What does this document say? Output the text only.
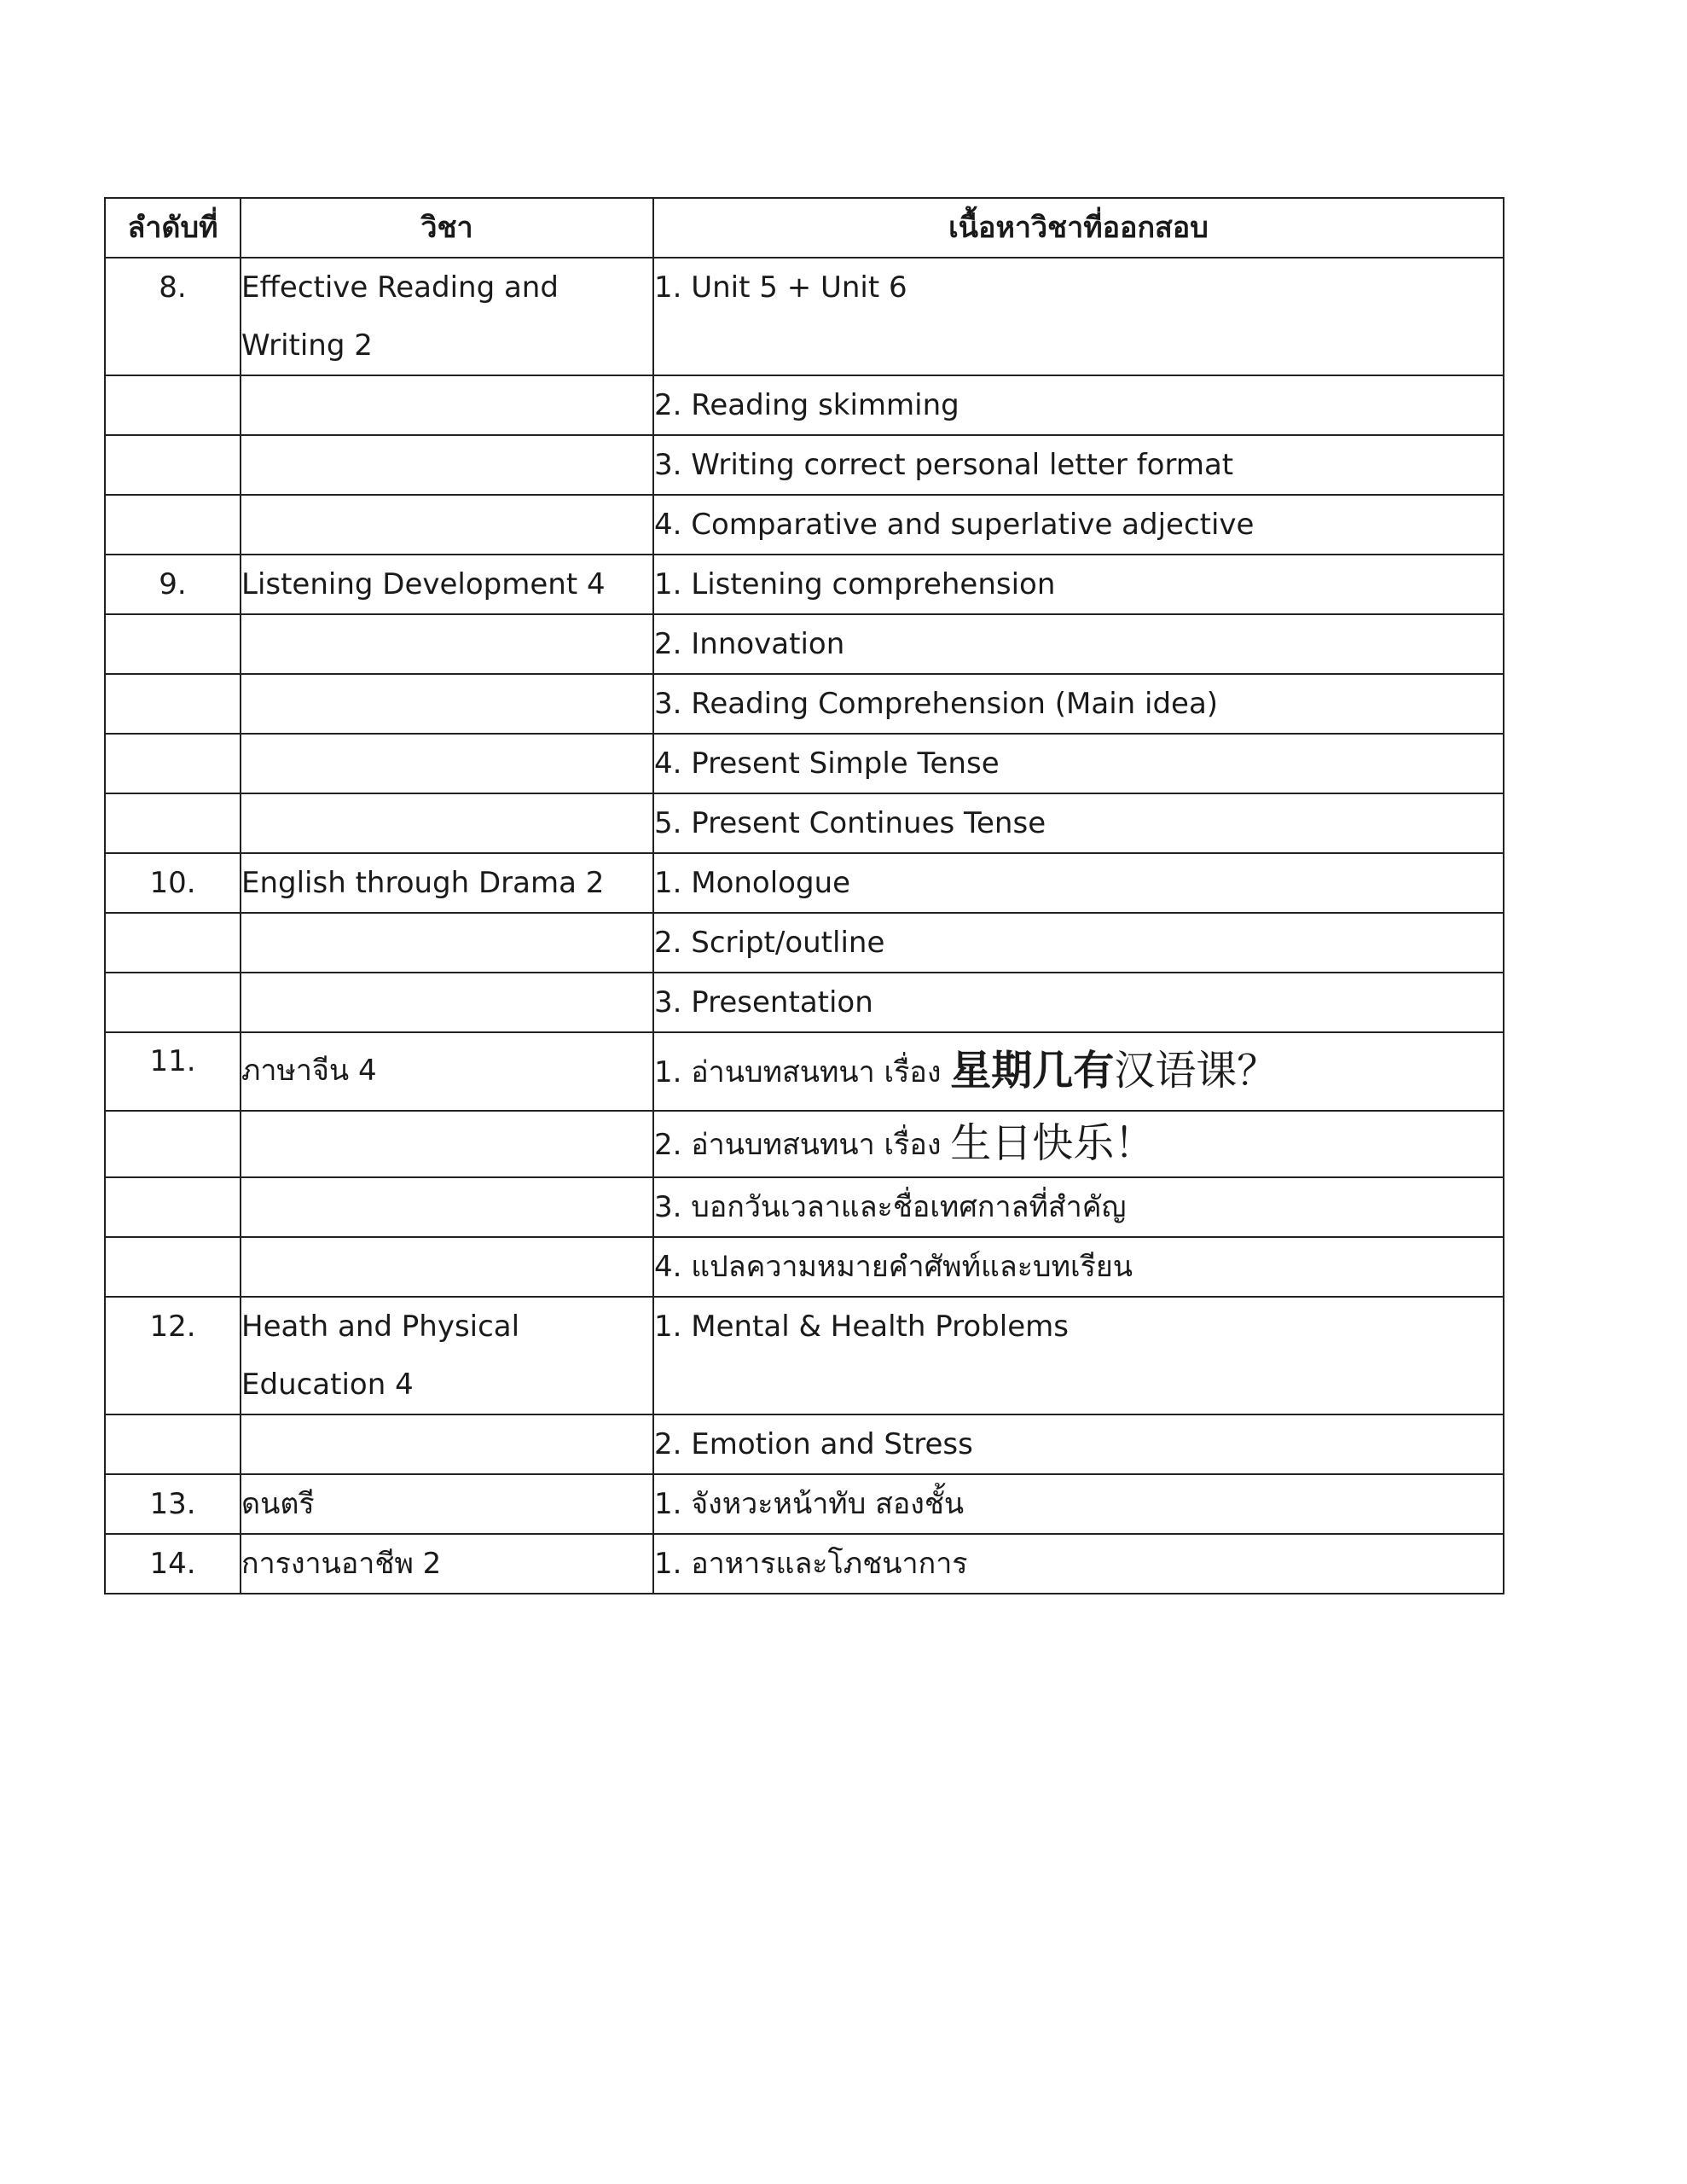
ลำดับที่	วิชา	เนื้อหาวิชาที่ออกสอบ
8.	Effective Reading and Writing 2	1. Unit 5 + Unit 6
		2. Reading skimming
		3. Writing correct personal letter format
		4. Comparative and superlative adjective
9.	Listening Development 4	1. Listening comprehension
		2. Innovation
		3. Reading Comprehension (Main idea)
		4. Present Simple Tense
		5. Present Continues Tense
10.	English through Drama 2	1. Monologue
		2. Script/outline
		3. Presentation
11.	ภาษาจีน 4	1. อ่านบทสนทนา เรื่อง 星期几有汉语课？
		2. อ่านบทสนทนา เรื่อง 生日快乐！
		3. บอกวันเวลาและชื่อเทศกาลที่สำคัญ
		4. แปลความหมายคำศัพท์และบทเรียน
12.	Heath and Physical Education 4	1. Mental & Health Problems
		2. Emotion and Stress
13.	ดนตรี	1. จังหวะหน้าทับ สองชั้น
14.	การงานอาชีพ 2	1. อาหารและโภชนาการ
